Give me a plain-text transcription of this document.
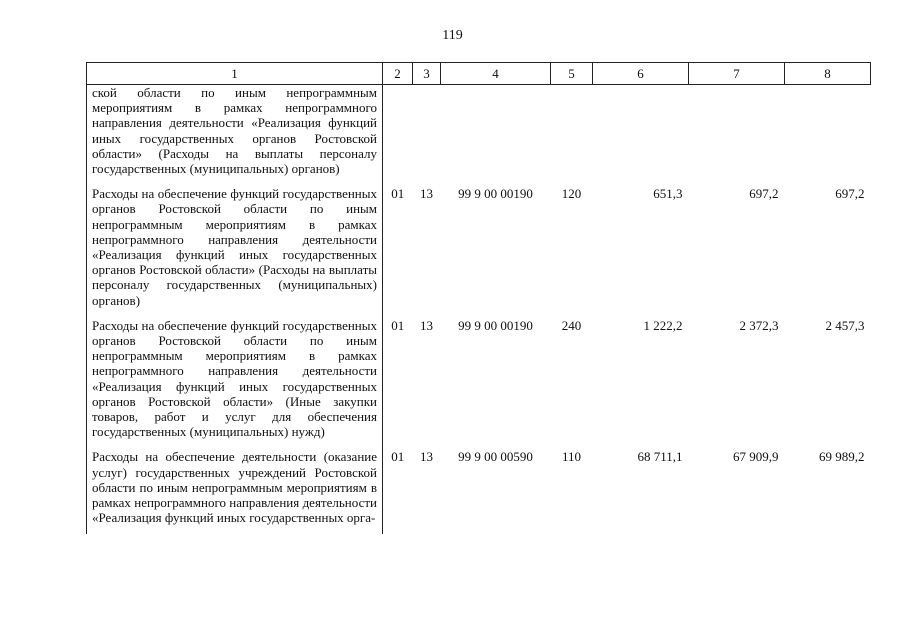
119
1	2	3	4	5	6	7	8
ской области по иным непрограммным мероприятиям в рамках непрограммного направления деятельности «Реализация функций иных государственных органов Ростовской области» (Расходы на выплаты персоналу государственных (муниципальных) органов)							
Расходы на обеспечение функций государственных органов Ростовской области по иным непрограммным мероприятиям в рамках непрограммного направления деятельности «Реализация функций иных государственных органов Ростовской области» (Расходы на выплаты персоналу государственных (муниципальных) органов)	01	13	99 9 00 00190	120	651,3	697,2	697,2
Расходы на обеспечение функций государственных органов Ростовской области по иным непрограммным мероприятиям в рамках непрограммного направления деятельности «Реализация функций иных государственных органов Ростовской области» (Иные закупки товаров, работ и услуг для обеспечения государственных (муниципальных) нужд)	01	13	99 9 00 00190	240	1 222,2	2 372,3	2 457,3
Расходы на обеспечение деятельности (оказание услуг) государственных учреждений Ростовской области по иным непрограммным мероприятиям в рамках непрограммного направления деятельности «Реализация функций иных государственных орга-	01	13	99 9 00 00590	110	68 711,1	67 909,9	69 989,2
